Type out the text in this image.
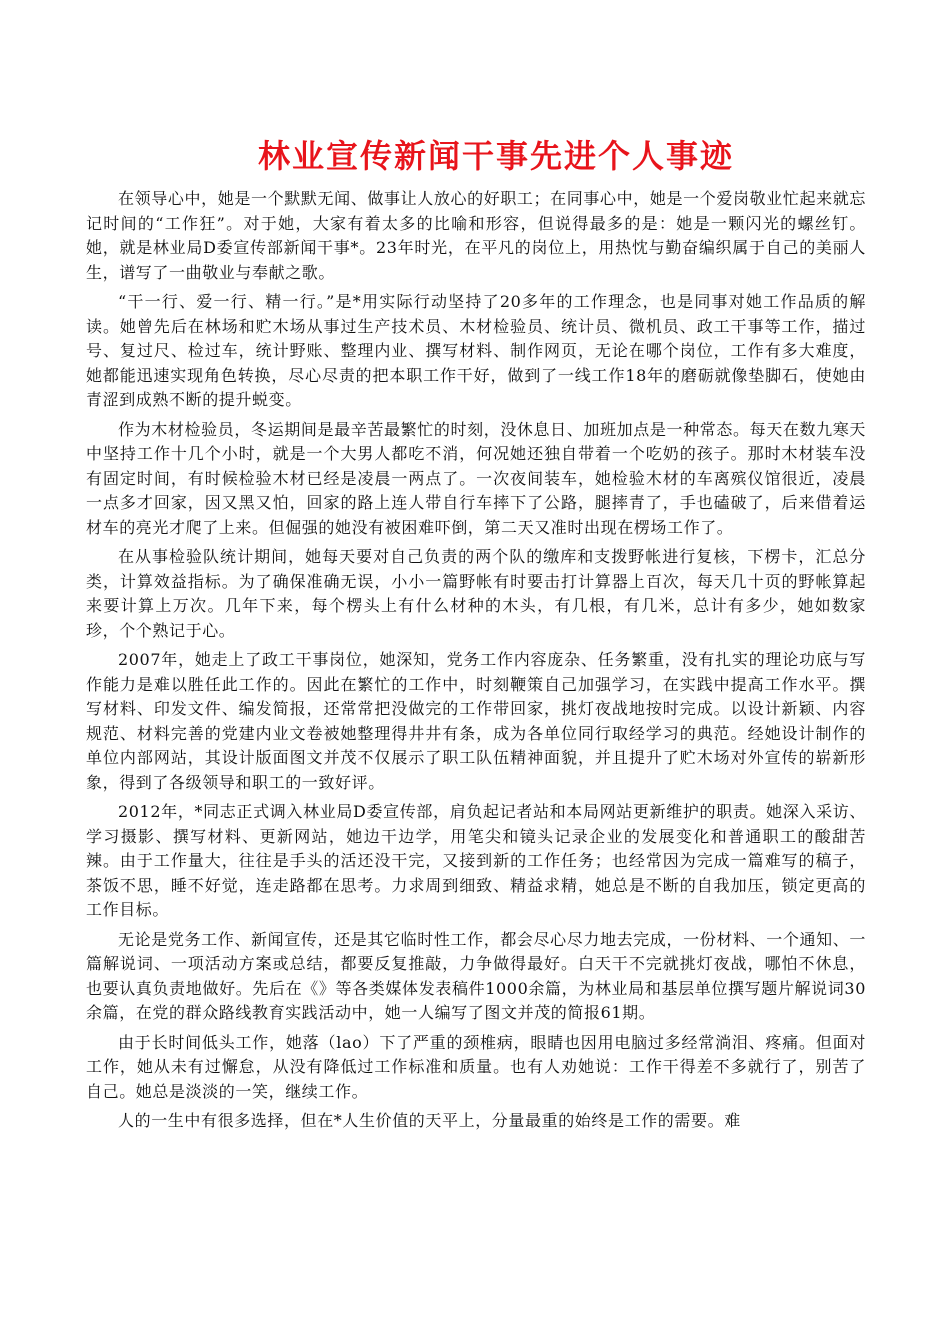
林业宣传新闻干事先进个人事迹

在领导心中，她是一个默默无闻、做事让人放心的好职工；在同事心中，她是一个爱岗敬业忙起来就忘记时间的“工作狂”。对于她，大家有着太多的比喻和形容，但说得最多的是：她是一颗闪光的螺丝钉。她，就是林业局D委宣传部新闻干事*。23年时光，在平凡的岗位上，用热忱与勤奋编织属于自己的美丽人生，谱写了一曲敬业与奉献之歌。

“干一行、爱一行、精一行。”是*用实际行动坚持了20多年的工作理念，也是同事对她工作品质的解读。她曾先后在林场和贮木场从事过生产技术员、木材检验员、统计员、微机员、政工干事等工作，描过号、复过尺、检过车，统计野账、整理内业、撰写材料、制作网页，无论在哪个岗位，工作有多大难度，她都能迅速实现角色转换，尽心尽责的把本职工作干好，做到了一线工作18年的磨砺就像垫脚石，使她由青涩到成熟不断的提升蜕变。

作为木材检验员，冬运期间是最辛苦最繁忙的时刻，没休息日、加班加点是一种常态。每天在数九寒天中坚持工作十几个小时，就是一个大男人都吃不消，何况她还独自带着一个吃奶的孩子。那时木材装车没有固定时间，有时候检验木材已经是凌晨一两点了。一次夜间装车，她检验木材的车离殡仪馆很近，凌晨一点多才回家，因又黑又怕，回家的路上连人带自行车摔下了公路，腿摔青了，手也磕破了，后来借着运材车的亮光才爬了上来。但倔强的她没有被困难吓倒，第二天又准时出现在楞场工作了。

在从事检验队统计期间，她每天要对自己负责的两个队的缴库和支拨野帐进行复核，下楞卡，汇总分类，计算效益指标。为了确保准确无误，小小一篇野帐有时要击打计算器上百次，每天几十页的野帐算起来要计算上万次。几年下来，每个楞头上有什么材种的木头，有几根，有几米，总计有多少，她如数家珍，个个熟记于心。

2007年，她走上了政工干事岗位，她深知，党务工作内容庞杂、任务繁重，没有扎实的理论功底与写作能力是难以胜任此工作的。因此在繁忙的工作中，时刻鞭策自己加强学习，在实践中提高工作水平。撰写材料、印发文件、编发简报，还常常把没做完的工作带回家，挑灯夜战地按时完成。以设计新颖、内容规范、材料完善的党建内业文卷被她整理得井井有条，成为各单位同行取经学习的典范。经她设计制作的单位内部网站，其设计版面图文并茂不仅展示了职工队伍精神面貌，并且提升了贮木场对外宣传的崭新形象，得到了各级领导和职工的一致好评。

2012年，*同志正式调入林业局D委宣传部，肩负起记者站和本局网站更新维护的职责。她深入采访、学习摄影、撰写材料、更新网站，她边干边学，用笔尖和镜头记录企业的发展变化和普通职工的酸甜苦辣。由于工作量大，往往是手头的活还没干完，又接到新的工作任务；也经常因为完成一篇难写的稿子，茶饭不思，睡不好觉，连走路都在思考。力求周到细致、精益求精，她总是不断的自我加压，锁定更高的工作目标。

无论是党务工作、新闻宣传，还是其它临时性工作，都会尽心尽力地去完成，一份材料、一个通知、一篇解说词、一项活动方案或总结，都要反复推敲，力争做得最好。白天干不完就挑灯夜战，哪怕不休息，也要认真负责地做好。先后在《》等各类媒体发表稿件1000余篇，为林业局和基层单位撰写题片解说词30余篇，在党的群众路线教育实践活动中，她一人编写了图文并茂的简报61期。

由于长时间低头工作，她落（lao）下了严重的颈椎病，眼睛也因用电脑过多经常淌泪、疼痛。但面对工作，她从未有过懈怠，从没有降低过工作标准和质量。也有人劝她说：工作干得差不多就行了，别苦了自己。她总是淡淡的一笑，继续工作。

人的一生中有很多选择，但在*人生价值的天平上，分量最重的始终是工作的需要。难
